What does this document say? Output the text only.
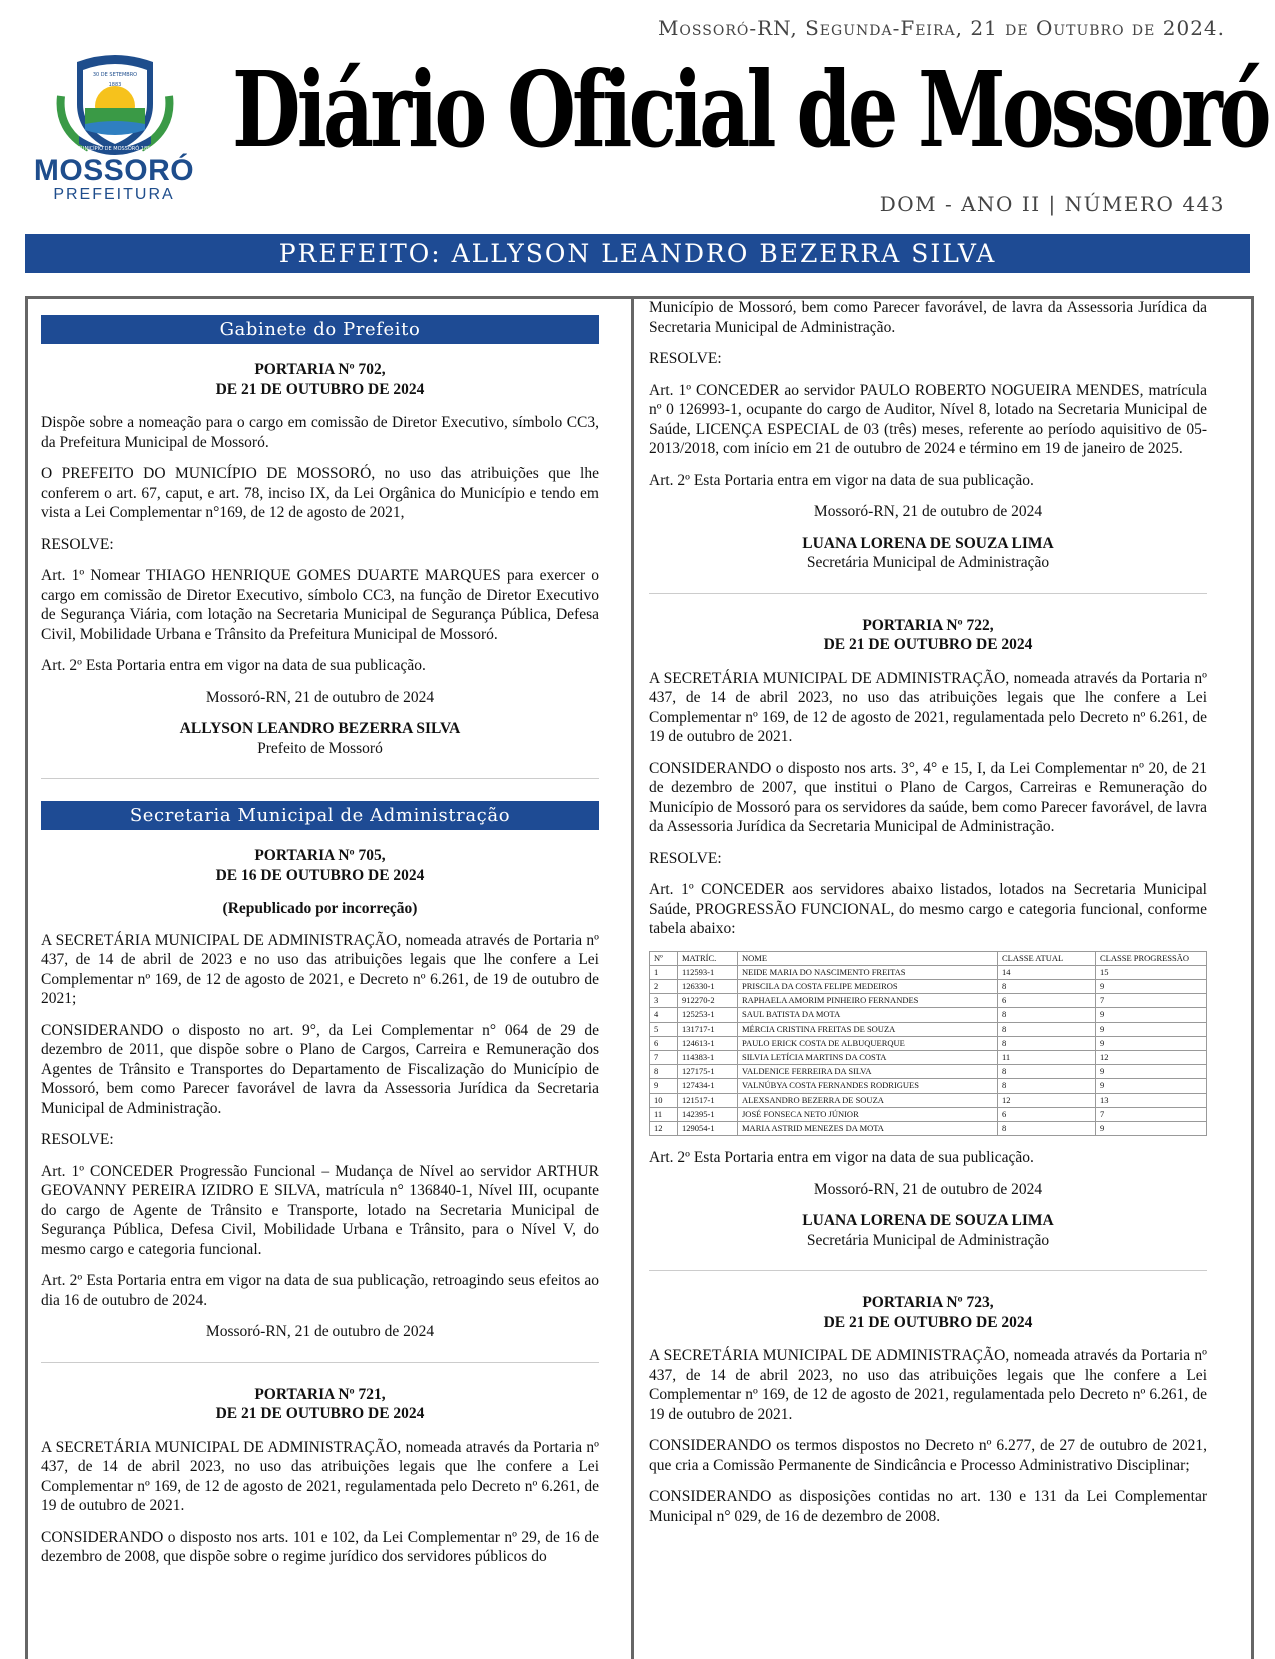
Mossoró-RN, Segunda-Feira, 21 de Outubro de 2024.
30 DE SETEMBRO
1883
MUNICÍPIO DE MOSSORÓ 1852
MOSSORÓ
PREFEITURA
Diário Oficial de Mossoró
DOM - ANO II | NÚMERO 443
PREFEITO: ALLYSON LEANDRO BEZERRA SILVA
Gabinete do Prefeito
PORTARIA Nº 702,
DE 21 DE OUTUBRO DE 2024

Dispõe sobre a nomeação para o cargo em comissão de Diretor Executivo, símbolo CC3, da Prefeitura Municipal de Mossoró.

O PREFEITO DO MUNICÍPIO DE MOSSORÓ, no uso das atribuições que lhe conferem o art. 67, caput, e art. 78, inciso IX, da Lei Orgânica do Município e tendo em vista a Lei Complementar n°169, de 12 de agosto de 2021,

RESOLVE:

Art. 1º Nomear THIAGO HENRIQUE GOMES DUARTE MARQUES para exercer o cargo em comissão de Diretor Executivo, símbolo CC3, na função de Diretor Executivo de Segurança Viária, com lotação na Secretaria Municipal de Segurança Pública, Defesa Civil, Mobilidade Urbana e Trânsito da Prefeitura Municipal de Mossoró.

Art. 2º Esta Portaria entra em vigor na data de sua publicação.

Mossoró-RN, 21 de outubro de 2024

ALLYSON LEANDRO BEZERRA SILVA
Prefeito de Mossoró
Secretaria Municipal de Administração
PORTARIA Nº 705,
DE 16 DE OUTUBRO DE 2024

(Republicado por incorreção)

A SECRETÁRIA MUNICIPAL DE ADMINISTRAÇÃO, nomeada através de Portaria nº 437, de 14 de abril de 2023 e no uso das atribuições legais que lhe confere a Lei Complementar nº 169, de 12 de agosto de 2021, e Decreto nº 6.261, de 19 de outubro de 2021;

CONSIDERANDO o disposto no art. 9°, da Lei Complementar n° 064 de 29 de dezembro de 2011, que dispõe sobre o Plano de Cargos, Carreira e Remuneração dos Agentes de Trânsito e Transportes do Departamento de Fiscalização do Município de Mossoró, bem como Parecer favorável de lavra da Assessoria Jurídica da Secretaria Municipal de Administração.

RESOLVE:

Art. 1º CONCEDER Progressão Funcional – Mudança de Nível ao servidor ARTHUR GEOVANNY PEREIRA IZIDRO E SILVA, matrícula n° 136840-1, Nível III, ocupante do cargo de Agente de Trânsito e Transporte, lotado na Secretaria Municipal de Segurança Pública, Defesa Civil, Mobilidade Urbana e Trânsito, para o Nível V, do mesmo cargo e categoria funcional.

Art. 2º Esta Portaria entra em vigor na data de sua publicação, retroagindo seus efeitos ao dia 16 de outubro de 2024.

Mossoró-RN, 21 de outubro de 2024

PORTARIA Nº 721,
DE 21 DE OUTUBRO DE 2024

A SECRETÁRIA MUNICIPAL DE ADMINISTRAÇÃO, nomeada através da Portaria nº 437, de 14 de abril 2023, no uso das atribuições legais que lhe confere a Lei Complementar nº 169, de 12 de agosto de 2021, regulamentada pelo Decreto nº 6.261, de 19 de outubro de 2021.

CONSIDERANDO o disposto nos arts. 101 e 102, da Lei Complementar nº 29, de 16 de dezembro de 2008, que dispõe sobre o regime jurídico dos servidores públicos do

Município de Mossoró, bem como Parecer favorável, de lavra da Assessoria Jurídica da Secretaria Municipal de Administração.

RESOLVE:

Art. 1º CONCEDER ao servidor PAULO ROBERTO NOGUEIRA MENDES, matrícula nº 0 126993-1, ocupante do cargo de Auditor, Nível 8, lotado na Secretaria Municipal de Saúde, LICENÇA ESPECIAL de 03 (três) meses, referente ao período aquisitivo de 05-2013/2018, com início em 21 de outubro de 2024 e término em 19 de janeiro de 2025.

Art. 2º Esta Portaria entra em vigor na data de sua publicação.

Mossoró-RN, 21 de outubro de 2024

LUANA LORENA DE SOUZA LIMA
Secretária Municipal de Administração
PORTARIA Nº 722,
DE 21 DE OUTUBRO DE 2024

A SECRETÁRIA MUNICIPAL DE ADMINISTRAÇÃO, nomeada através da Portaria nº 437, de 14 de abril 2023, no uso das atribuições legais que lhe confere a Lei Complementar nº 169, de 12 de agosto de 2021, regulamentada pelo Decreto nº 6.261, de 19 de outubro de 2021.

CONSIDERANDO o disposto nos arts. 3°, 4° e 15, I, da Lei Complementar nº 20, de 21 de dezembro de 2007, que institui o Plano de Cargos, Carreiras e Remuneração do Município de Mossoró para os servidores da saúde, bem como Parecer favorável, de lavra da Assessoria Jurídica da Secretaria Municipal de Administração.

RESOLVE:

Art. 1º CONCEDER aos servidores abaixo listados, lotados na Secretaria Municipal Saúde, PROGRESSÃO FUNCIONAL, do mesmo cargo e categoria funcional, conforme tabela abaixo:

Nº	MATRÍC.	NOME	CLASSE ATUAL	CLASSE PROGRESSÃO
1	112593-1	NEIDE MARIA DO NASCIMENTO FREITAS	14	15
2	126330-1	PRISCILA DA COSTA FELIPE MEDEIROS	8	9
3	912270-2	RAPHAELA AMORIM PINHEIRO FERNANDES	6	7
4	125253-1	SAUL BATISTA DA MOTA	8	9
5	131717-1	MÉRCIA CRISTINA FREITAS DE SOUZA	8	9
6	124613-1	PAULO ERICK COSTA DE ALBUQUERQUE	8	9
7	114383-1	SILVIA LETÍCIA MARTINS DA COSTA	11	12
8	127175-1	VALDENICE FERREIRA DA SILVA	8	9
9	127434-1	VALNÚBYA COSTA FERNANDES RODRIGUES	8	9
10	121517-1	ALEXSANDRO BEZERRA DE SOUZA	12	13
11	142395-1	JOSÉ FONSECA NETO JÚNIOR	6	7
12	129054-1	MARIA ASTRID MENEZES DA MOTA	8	9

Art. 2º Esta Portaria entra em vigor na data de sua publicação.

Mossoró-RN, 21 de outubro de 2024

LUANA LORENA DE SOUZA LIMA
Secretária Municipal de Administração
PORTARIA Nº 723,
DE 21 DE OUTUBRO DE 2024

A SECRETÁRIA MUNICIPAL DE ADMINISTRAÇÃO, nomeada através da Portaria nº 437, de 14 de abril 2023, no uso das atribuições legais que lhe confere a Lei Complementar nº 169, de 12 de agosto de 2021, regulamentada pelo Decreto nº 6.261, de 19 de outubro de 2021.

CONSIDERANDO os termos dispostos no Decreto nº 6.277, de 27 de outubro de 2021, que cria a Comissão Permanente de Sindicância e Processo Administrativo Disciplinar;

CONSIDERANDO as disposições contidas no art. 130 e 131 da Lei Complementar Municipal n° 029, de 16 de dezembro de 2008.
